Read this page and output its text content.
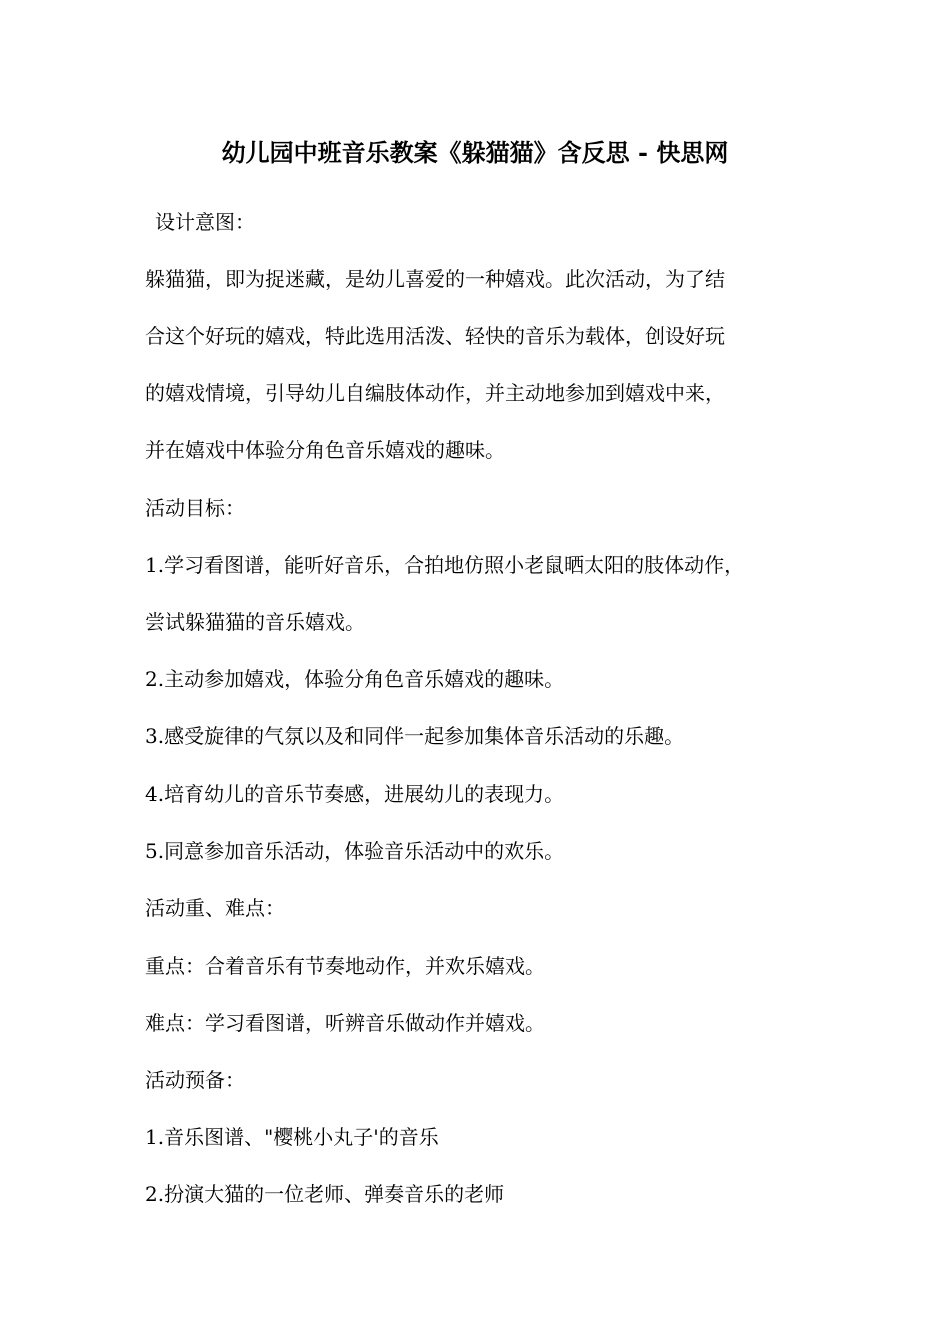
幼儿园中班音乐教案《躲猫猫》含反思 - 快思网
设计意图：
躲猫猫，即为捉迷藏，是幼儿喜爱的一种嬉戏。此次活动，为了结
合这个好玩的嬉戏，特此选用活泼、轻快的音乐为载体，创设好玩
的嬉戏情境，引导幼儿自编肢体动作，并主动地参加到嬉戏中来，
并在嬉戏中体验分角色音乐嬉戏的趣味。
活动目标：
1.学习看图谱，能听好音乐，合拍地仿照小老鼠晒太阳的肢体动作，
尝试躲猫猫的音乐嬉戏。
2.主动参加嬉戏，体验分角色音乐嬉戏的趣味。
3.感受旋律的气氛以及和同伴一起参加集体音乐活动的乐趣。
4.培育幼儿的音乐节奏感，进展幼儿的表现力。
5.同意参加音乐活动，体验音乐活动中的欢乐。
活动重、难点：
重点：合着音乐有节奏地动作，并欢乐嬉戏。
难点：学习看图谱，听辨音乐做动作并嬉戏。
活动预备：
1.音乐图谱、"樱桃小丸子'的音乐
2.扮演大猫的一位老师、弹奏音乐的老师
